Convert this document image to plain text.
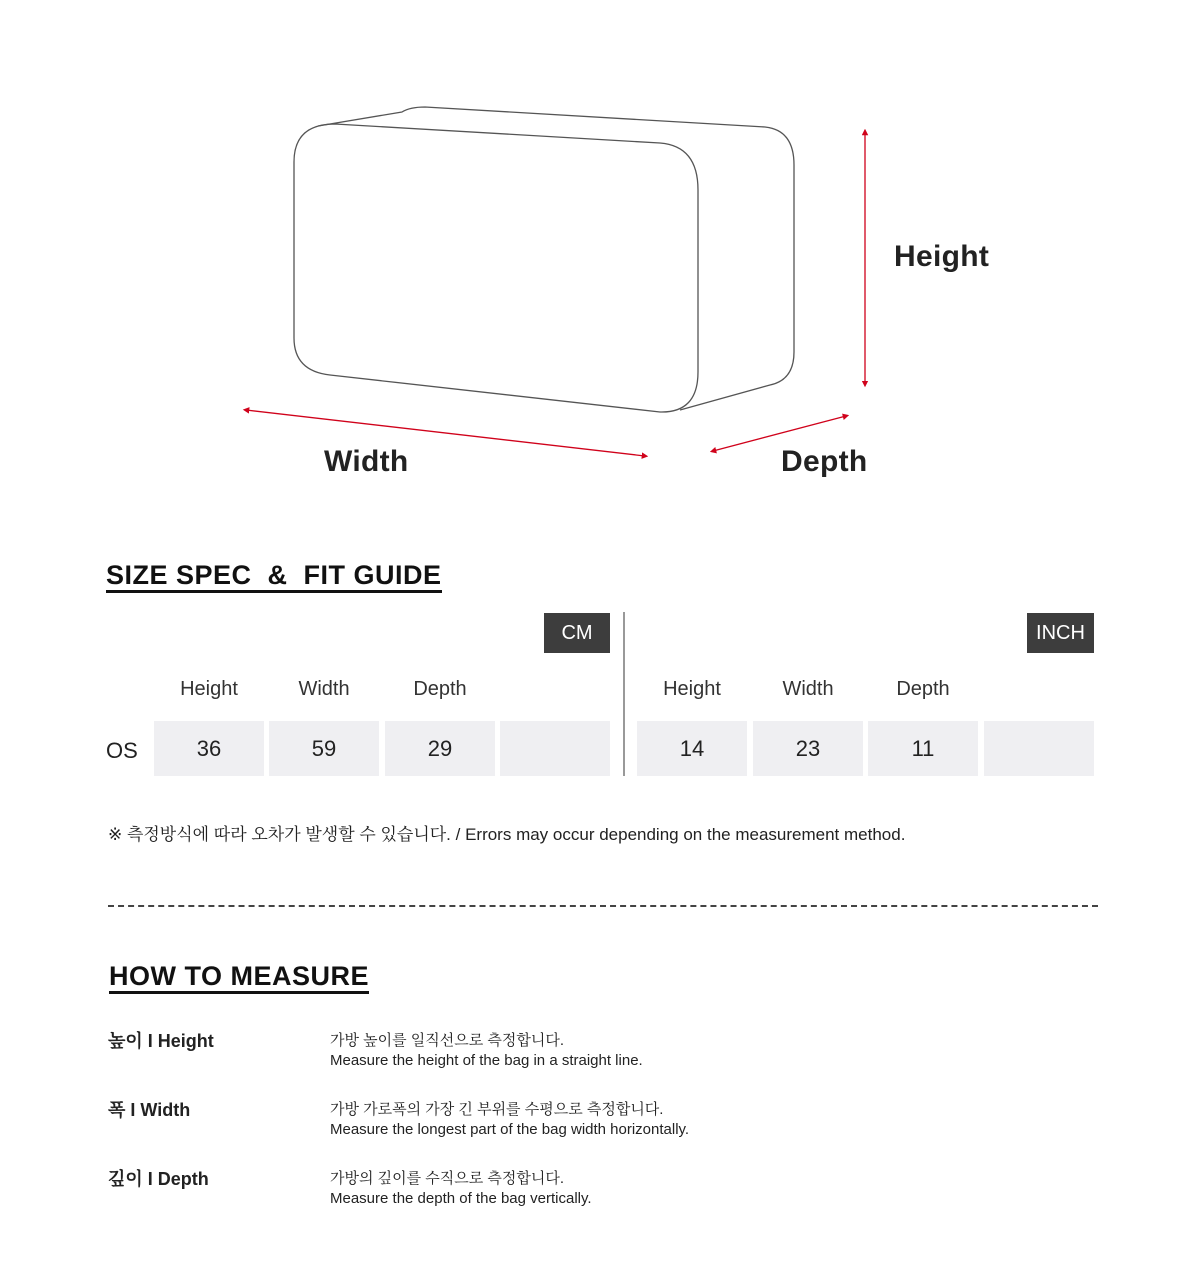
Height
Width	Depth
SIZE SPEC  &  FIT GUIDE
CM	INCH
Height	Width	Depth	Height	Width	Depth
OS	36	59	29	14	23	11
※ 측정방식에 따라 오차가 발생할 수 있습니다. / Errors may occur depending on the measurement method.
HOW TO MEASURE
높이 I Height	가방 높이를 일직선으로 측정합니다.
Measure the height of the bag in a straight line.
폭 I Width	가방 가로폭의 가장 긴 부위를 수평으로 측정합니다.
Measure the longest part of the bag width horizontally.
깊이 I Depth	가방의 깊이를 수직으로 측정합니다.
Measure the depth of the bag vertically.
